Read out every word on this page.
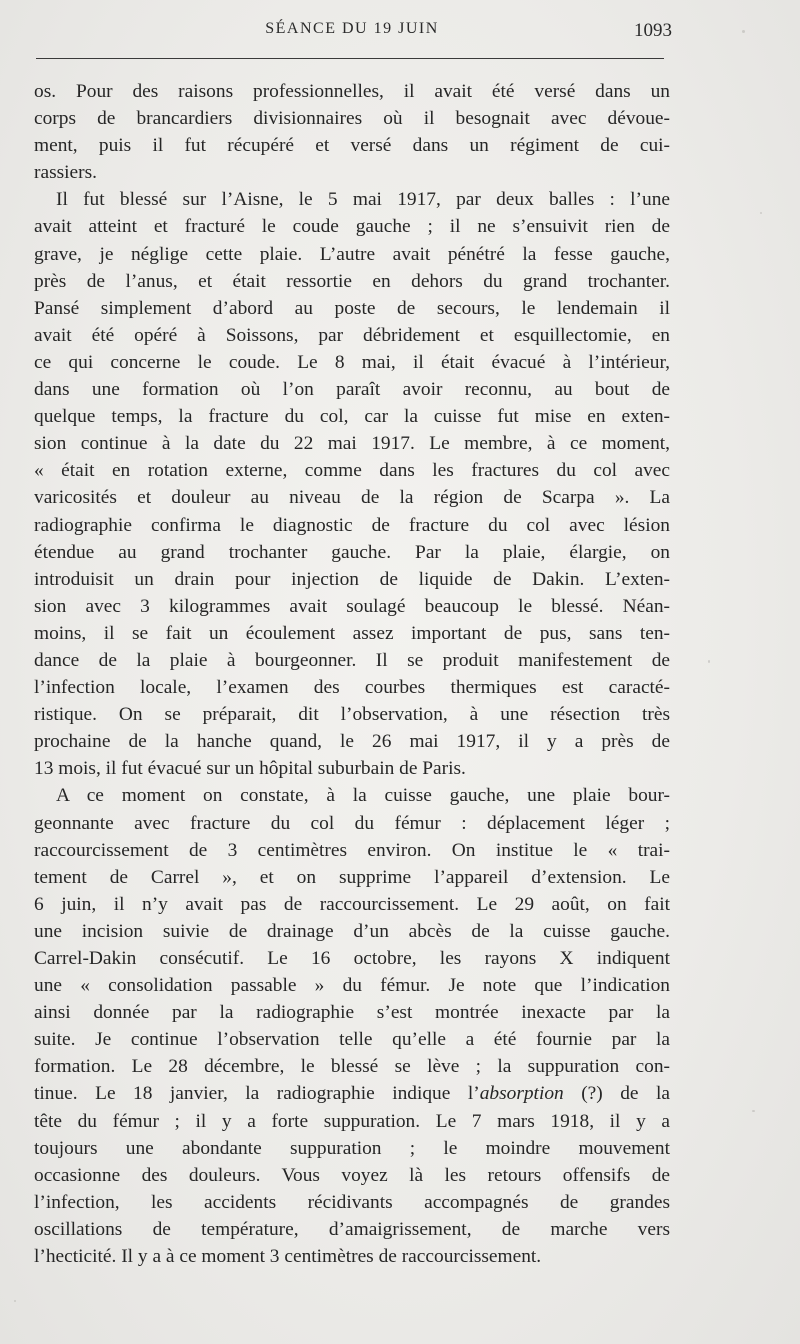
SÉANCE DU 19 JUIN	1093
os. Pour des raisons professionnelles, il avait été versé dans un
corps de brancardiers divisionnaires où il besognait avec dévoue-
ment, puis il fut récupéré et versé dans un régiment de cui-
rassiers.
Il fut blessé sur l’Aisne, le 5 mai 1917, par deux balles : l’une
avait atteint et fracturé le coude gauche ; il ne s’ensuivit rien de
grave, je néglige cette plaie. L’autre avait pénétré la fesse gauche,
près de l’anus, et était ressortie en dehors du grand trochanter.
Pansé simplement d’abord au poste de secours, le lendemain il
avait été opéré à Soissons, par débridement et esquillectomie, en
ce qui concerne le coude. Le 8 mai, il était évacué à l’intérieur,
dans une formation où l’on paraît avoir reconnu, au bout de
quelque temps, la fracture du col, car la cuisse fut mise en exten-
sion continue à la date du 22 mai 1917. Le membre, à ce moment,
« était en rotation externe, comme dans les fractures du col avec
varicosités et douleur au niveau de la région de Scarpa ». La
radiographie confirma le diagnostic de fracture du col avec lésion
étendue au grand trochanter gauche. Par la plaie, élargie, on
introduisit un drain pour injection de liquide de Dakin. L’exten-
sion avec 3 kilogrammes avait soulagé beaucoup le blessé. Néan-
moins, il se fait un écoulement assez important de pus, sans ten-
dance de la plaie à bourgeonner. Il se produit manifestement de
l’infection locale, l’examen des courbes thermiques est caracté-
ristique. On se préparait, dit l’observation, à une résection très
prochaine de la hanche quand, le 26 mai 1917, il y a près de
13 mois, il fut évacué sur un hôpital suburbain de Paris.
A ce moment on constate, à la cuisse gauche, une plaie bour-
geonnante avec fracture du col du fémur : déplacement léger ;
raccourcissement de 3 centimètres environ. On institue le « trai-
tement de Carrel », et on supprime l’appareil d’extension. Le
6 juin, il n’y avait pas de raccourcissement. Le 29 août, on fait
une incision suivie de drainage d’un abcès de la cuisse gauche.
Carrel-Dakin consécutif. Le 16 octobre, les rayons X indiquent
une « consolidation passable » du fémur. Je note que l’indication
ainsi donnée par la radiographie s’est montrée inexacte par la
suite. Je continue l’observation telle qu’elle a été fournie par la
formation. Le 28 décembre, le blessé se lève ; la suppuration con-
tinue. Le 18 janvier, la radiographie indique l’absorption (?) de la
tête du fémur ; il y a forte suppuration. Le 7 mars 1918, il y a
toujours une abondante suppuration ; le moindre mouvement
occasionne des douleurs. Vous voyez là les retours offensifs de
l’infection, les accidents récidivants accompagnés de grandes
oscillations de température, d’amaigrissement, de marche vers
l’hecticité. Il y a à ce moment 3 centimètres de raccourcissement.
